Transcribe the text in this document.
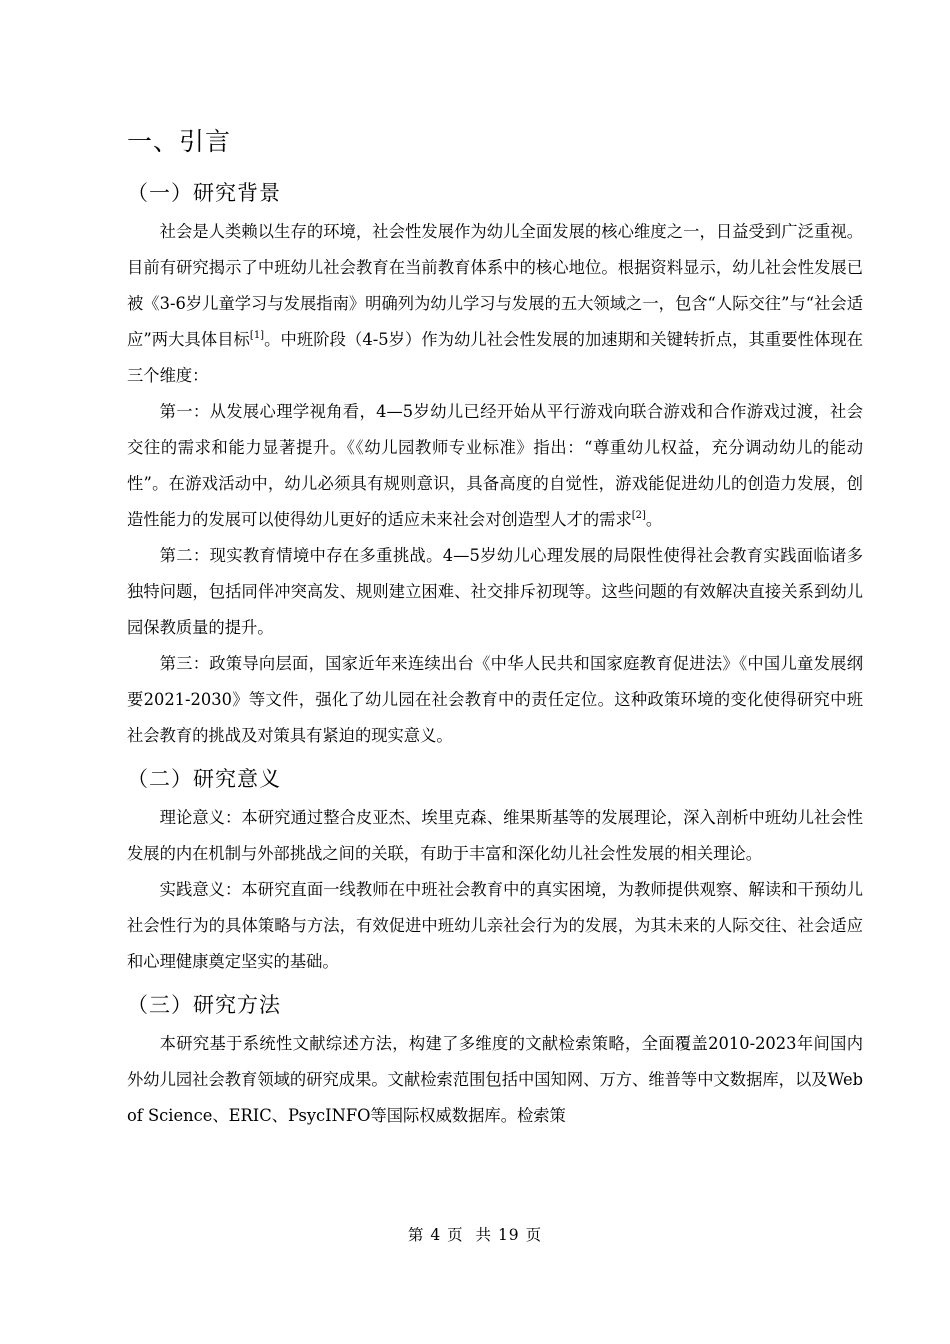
一、引言
（一）研究背景

社会是人类赖以生存的环境，社会性发展作为幼儿全面发展的核心维度之一，日益受到广泛重视。目前有研究揭示了中班幼儿社会教育在当前教育体系中的核心地位。根据资料显示，幼儿社会性发展已被《3-6岁儿童学习与发展指南》明确列为幼儿学习与发展的五大领域之一，包含“人际交往”与“社会适应”两大具体目标[1]。中班阶段（4-5岁）作为幼儿社会性发展的加速期和关键转折点，其重要性体现在三个维度：

第一：从发展心理学视角看，4—5岁幼儿已经开始从平行游戏向联合游戏和合作游戏过渡，社会交往的需求和能力显著提升。《《幼儿园教师专业标准》指出：“尊重幼儿权益，充分调动幼儿的能动性”。在游戏活动中，幼儿必须具有规则意识，具备高度的自觉性，游戏能促进幼儿的创造力发展，创造性能力的发展可以使得幼儿更好的适应未来社会对创造型人才的需求[2]。

第二：现实教育情境中存在多重挑战。4—5岁幼儿心理发展的局限性使得社会教育实践面临诸多独特问题，包括同伴冲突高发、规则建立困难、社交排斥初现等。这些问题的有效解决直接关系到幼儿园保教质量的提升。

第三：政策导向层面，国家近年来连续出台《中华人民共和国家庭教育促进法》《中国儿童发展纲要2021-2030》等文件，强化了幼儿园在社会教育中的责任定位。这种政策环境的变化使得研究中班社会教育的挑战及对策具有紧迫的现实意义。

（二）研究意义

理论意义：本研究通过整合皮亚杰、埃里克森、维果斯基等的发展理论，深入剖析中班幼儿社会性发展的内在机制与外部挑战之间的关联，有助于丰富和深化幼儿社会性发展的相关理论。

实践意义：本研究直面一线教师在中班社会教育中的真实困境，为教师提供观察、解读和干预幼儿社会性行为的具体策略与方法，有效促进中班幼儿亲社会行为的发展，为其未来的人际交往、社会适应和心理健康奠定坚实的基础。

（三）研究方法

本研究基于系统性文献综述方法，构建了多维度的文献检索策略，全面覆盖2010-2023年间国内外幼儿园社会教育领域的研究成果。文献检索范围包括中国知网、万方、维普等中文数据库，以及Web of Science、ERIC、PsycINFO等国际权威数据库。检索策

第 4 页  共 19 页
